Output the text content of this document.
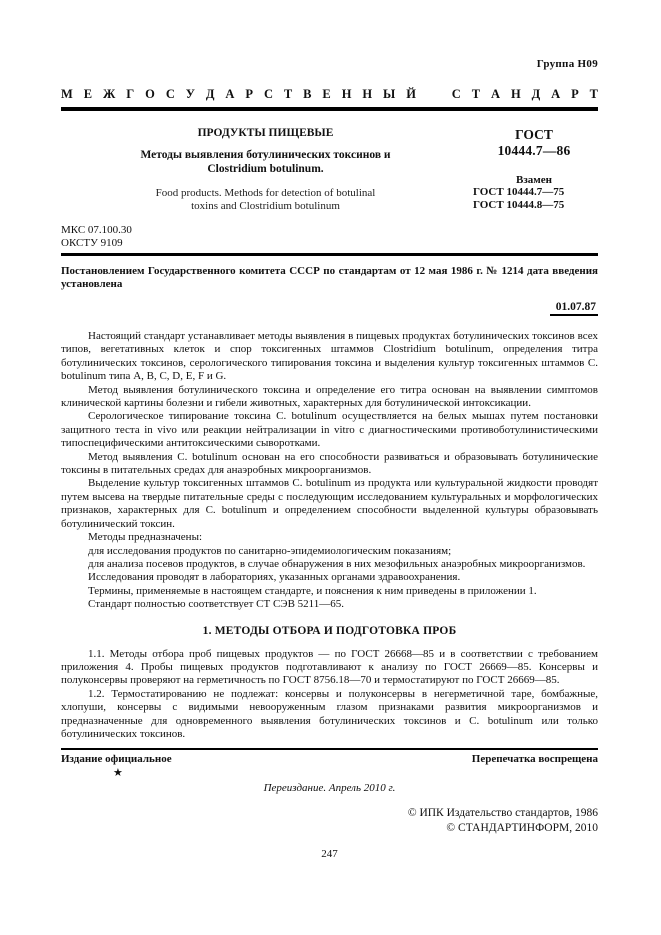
Группа Н09
М Е Ж Г О С У Д А Р С Т В Е Н Н Ы Й	С Т А Н Д А Р Т
ПРОДУКТЫ ПИЩЕВЫЕ
Методы выявления ботулинических токсинов и
Clostridium botulinum.
Food products. Methods for detection of botulinal
toxins and Clostridium botulinum
ГОСТ
10444.7—86
Взамен
ГОСТ 10444.7—75
ГОСТ 10444.8—75
МКС 07.100.30
ОКСТУ 9109
Постановлением Государственного комитета СССР по стандартам от 12 мая 1986 г. № 1214 дата введения установлена
01.07.87

Настоящий стандарт устанавливает методы выявления в пищевых продуктах ботулинических токсинов всех типов, вегетативных клеток и спор токсигенных штаммов Clostridium botulinum, определения титра ботулинических токсинов, серологического типирования токсина и выделения культур токсигенных штаммов C. botulinum типа A, B, C, D, E, F и G.

Метод выявления ботулинического токсина и определение его титра основан на выявлении симптомов клинической картины болезни и гибели животных, характерных для ботулинической интоксикации.

Серологическое типирование токсина C. botulinum осуществляется на белых мышах путем постановки защитного теста in vivo или реакции нейтрализации in vitro с диагностическими противоботулинистическими типоспецифическими антитоксическими сыворотками.

Метод выявления C. botulinum основан на его способности развиваться и образовывать ботулинические токсины в питательных средах для анаэробных микроорганизмов.

Выделение культур токсигенных штаммов C. botulinum из продукта или культуральной жидкости проводят путем высева на твердые питательные среды с последующим исследованием культуральных и морфологических признаков, характерных для C. botulinum и определением способности выделенной культуры образовывать ботулинический токсин.

Методы предназначены:

для иcследования продуктов по санитарно-эпидемиологическим показаниям;

для анализа посевов продуктов, в случае обнаружения в них мезофильных анаэробных микроорганизмов.

Исследования проводят в лабораториях, указанных органами здравоохранения.

Термины, применяемые в настоящем стандарте, и пояснения к ним приведены в приложении 1.

Стандарт полностью соответствует СТ СЭВ 5211—65.

1. МЕТОДЫ ОТБОРА И ПОДГОТОВКА ПРОБ

1.1. Методы отбора проб пищевых продуктов — по ГОСТ 26668—85 и в соответствии с требованием приложения 4. Пробы пищевых продуктов подготавливают к анализу по ГОСТ 26669—85. Консервы и полуконсервы проверяют на герметичность по ГОСТ 8756.18—70 и термостатируют по ГОСТ 26669—85.

1.2. Термостатированию не подлежат: консервы и полуконсервы в негерметичной таре, бомбажные, хлопуши, консервы с видимыми невооруженным глазом признаками развития микроорганизмов и предназначенные для одновременного выявления ботулинических токсинов и C. botulinum или только ботулинических токсинов.

Издание официальное	Перепечатка воспрещена
★
Переиздание. Апрель 2010 г.
© ИПК Издательство стандартов, 1986
© СТАНДАРТИНФОРМ, 2010
247
